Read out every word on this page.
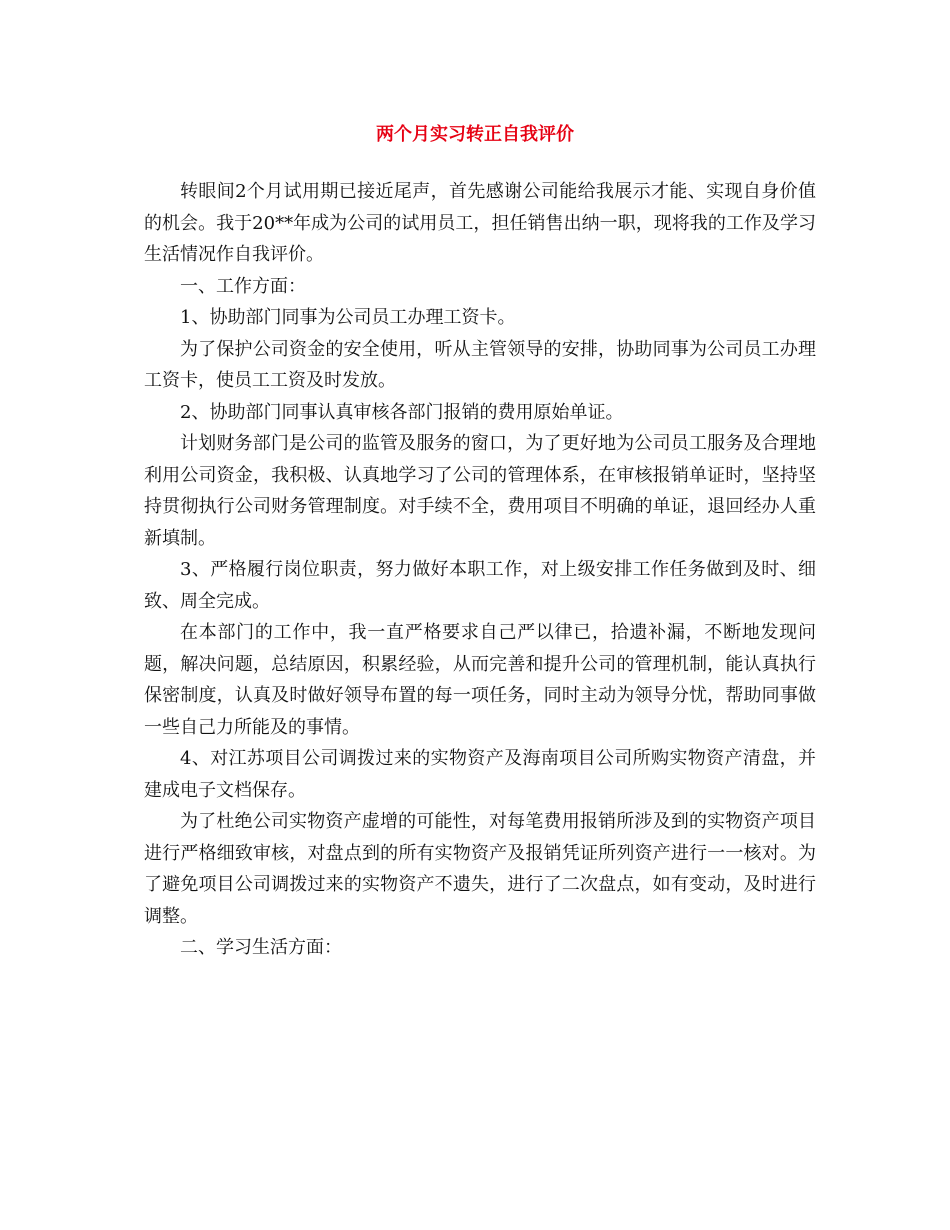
两个月实习转正自我评价

转眼间2个月试用期已接近尾声，首先感谢公司能给我展示才能、实现自身价值的机会。我于20**年成为公司的试用员工，担任销售出纳一职，现将我的工作及学习生活情况作自我评价。

一、工作方面：

1、协助部门同事为公司员工办理工资卡。

为了保护公司资金的安全使用，听从主管领导的安排，协助同事为公司员工办理工资卡，使员工工资及时发放。

2、协助部门同事认真审核各部门报销的费用原始单证。

计划财务部门是公司的监管及服务的窗口，为了更好地为公司员工服务及合理地利用公司资金，我积极、认真地学习了公司的管理体系，在审核报销单证时，坚持坚持贯彻执行公司财务管理制度。对手续不全，费用项目不明确的单证，退回经办人重新填制。

3、严格履行岗位职责，努力做好本职工作，对上级安排工作任务做到及时、细致、周全完成。

在本部门的工作中，我一直严格要求自己严以律已，拾遗补漏，不断地发现问题，解决问题，总结原因，积累经验，从而完善和提升公司的管理机制，能认真执行保密制度，认真及时做好领导布置的每一项任务，同时主动为领导分忧，帮助同事做一些自己力所能及的事情。

4、对江苏项目公司调拨过来的实物资产及海南项目公司所购实物资产清盘，并建成电子文档保存。

为了杜绝公司实物资产虚增的可能性，对每笔费用报销所涉及到的实物资产项目进行严格细致审核，对盘点到的所有实物资产及报销凭证所列资产进行一一核对。为了避免项目公司调拨过来的实物资产不遗失，进行了二次盘点，如有变动，及时进行调整。

二、学习生活方面：
